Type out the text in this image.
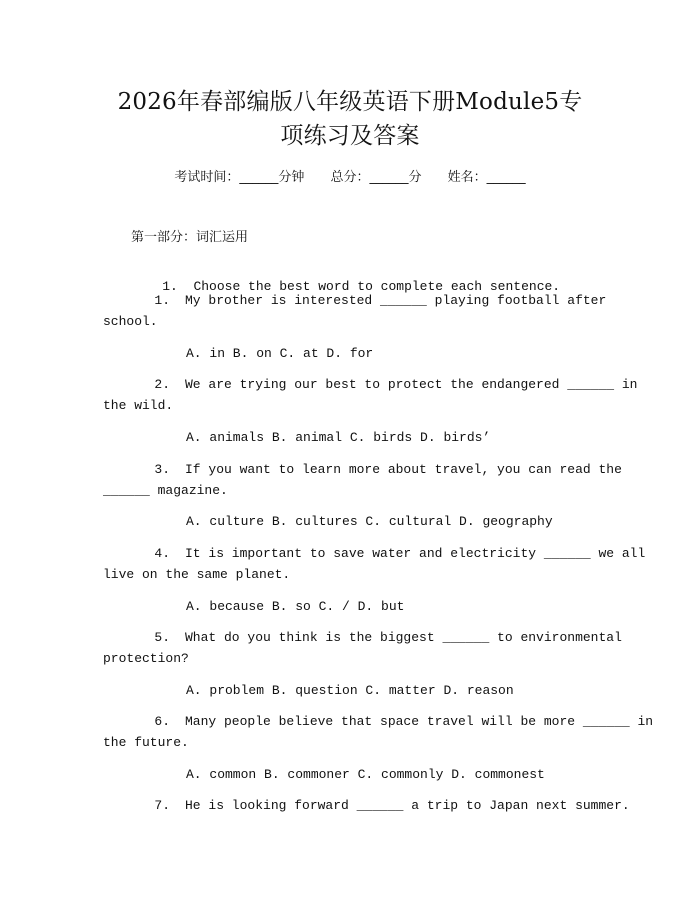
2026年春部编版八年级英语下册Module5专
项练习及答案
考试时间：______分钟 总分：______分 姓名：______
第一部分：词汇运用

1. Choose the best word to complete each sentence.

1. My brother is interested ______ playing football after
school.
A. in B. on C. at D. for
2. We are trying our best to protect the endangered ______ in
the wild.
A. animals B. animal C. birds D. birds’
3. If you want to learn more about travel, you can read the
______ magazine.
A. culture B. cultures C. cultural D. geography
4. It is important to save water and electricity ______ we all
live on the same planet.
A. because B. so C. / D. but
5. What do you think is the biggest ______ to environmental
protection?
A. problem B. question C. matter D. reason
6. Many people believe that space travel will be more ______ in
the future.
A. common B. commoner C. commonly D. commonest
7. He is looking forward ______ a trip to Japan next summer.
